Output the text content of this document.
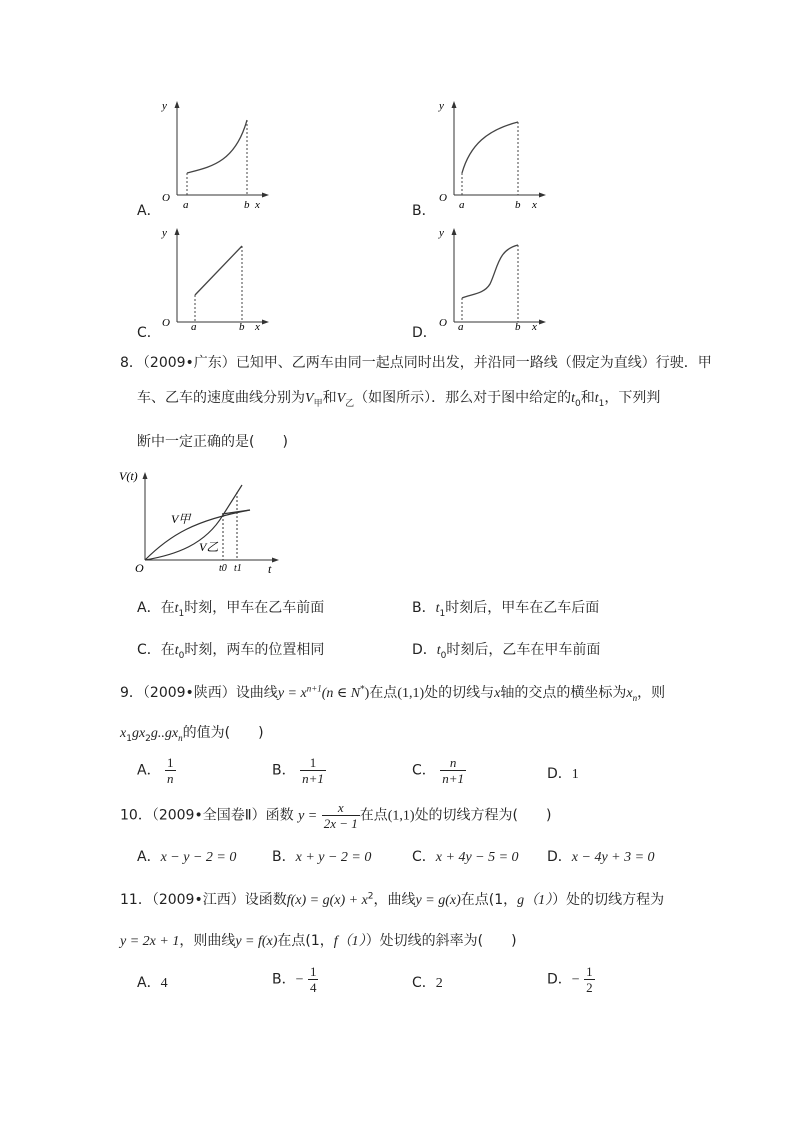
A．
y
O
a	b x	B．
y
O
a	b x
C．
y
O a	b x	D．
y
O a	b x
8．（2009•广东）已知甲、乙两车由同一起点同时出发，并沿同一路线（假定为直线）行驶．甲
车、乙车的速度曲线分别为$V_甲$和$V_乙$（如图所示）．那么对于图中给定的$t_0$和$t_1$，下列判
断中一定正确的是(　　)
V(t)
O	t
V甲
V乙
t0 t1
A．在$t_1$时刻，甲车在乙车前面	B．$t_1$时刻后，甲车在乙车后面
C．在$t_0$时刻，两车的位置相同	D．$t_0$时刻后，乙车在甲车前面
9．（2009•陕西）设曲线$y = x^{n+1}(n$ ∈ N*)在点(1,1)处的切线与x轴的交点的横坐标为$x_n$，则
$x_1gx_2g..gx_n$的值为(　　)
A． $\frac{1}{n}$	B． $\frac{1}{n+1}$	C． $\frac{n}{n+1}$	D．1
10．（2009•全国卷Ⅱ）函数 $y = \frac{x}{2x - 1}$ 在点(1,1)处的切线方程为(　　)
A．x − y − 2 = 0	B．x + y − 2 = 0	C．x + 4y − 5 = 0 D．x − 4y + 3 = 0
11．（2009•江西）设函数$f(x) = g(x) + x^2$，曲线y = g(x)在点(1，g（1））处的切线方程为
y = 2x + 1，则曲线y = f(x)在点(1，f（1））处切线的斜率为(　　)
A．4	B．− $\frac{1}{4}$	C．2	D．− $\frac{1}{2}$
